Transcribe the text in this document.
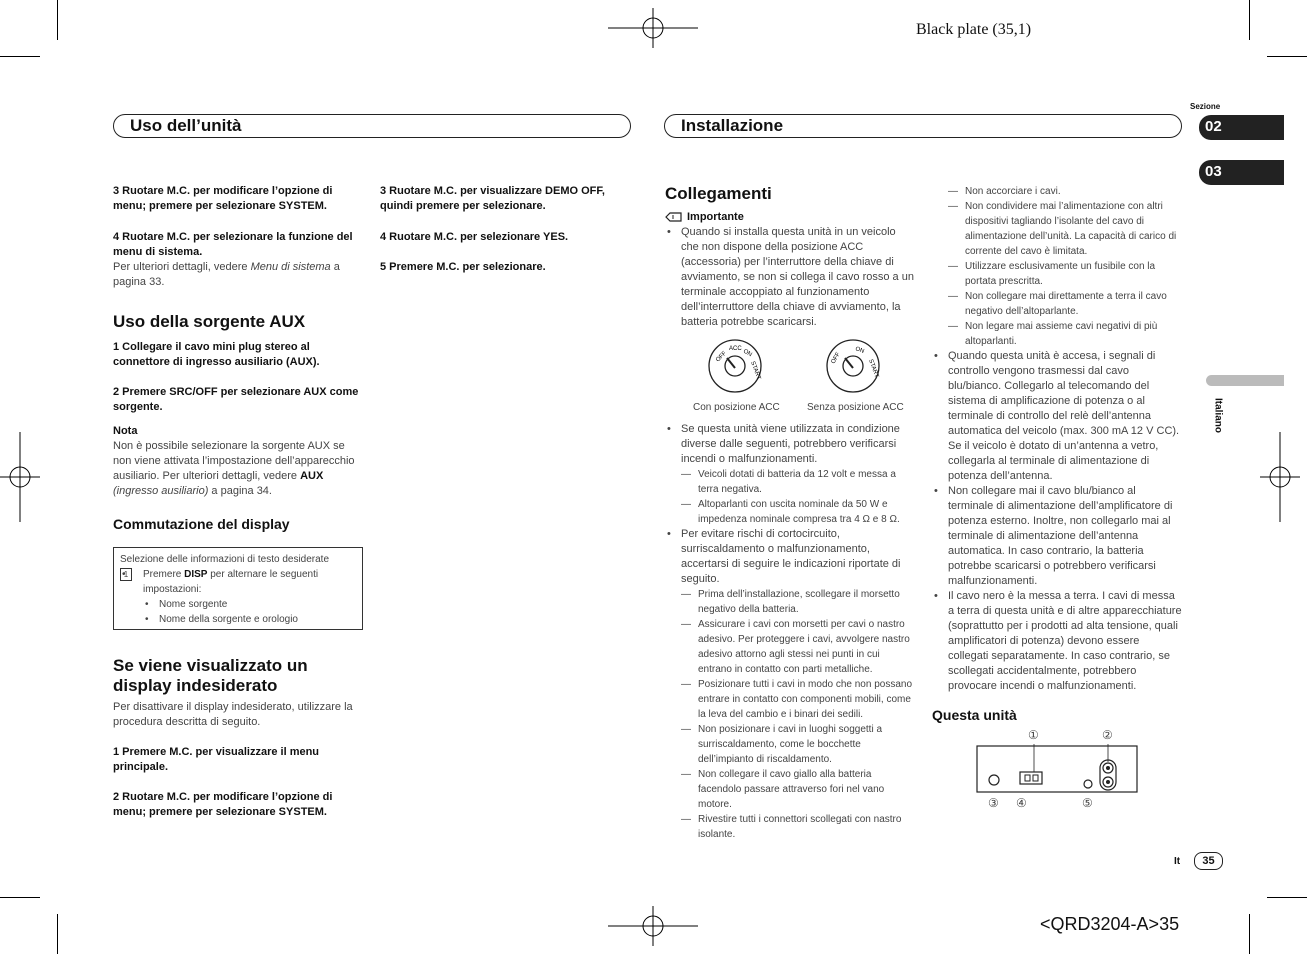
Black plate (35,1)
<QRD3204-A>35
Uso dell’unità	Installazione
Sezione
02
03
Italiano
It	35
3 Ruotare M.C. per modificare l’opzione di menu; premere per selezionare SYSTEM.
4 Ruotare M.C. per selezionare la funzione del menu di sistema.
Per ulteriori dettagli, vedere Menu di sistema a pagina 33.
Uso della sorgente AUX
1 Collegare il cavo mini plug stereo al connettore di ingresso ausiliario (AUX).
2 Premere SRC/OFF per selezionare AUX come sorgente.
Nota
Non è possibile selezionare la sorgente AUX se non viene attivata l’impostazione dell’apparecchio ausiliario. Per ulteriori dettagli, vedere AUX (ingresso ausiliario) a pagina 34.
Commutazione del display
Selezione delle informazioni di testo desiderate
• 1	Premere DISP per alternare le seguenti impostazioni:
• Nome sorgente
• Nome della sorgente e orologio
Se viene visualizzato un display indesiderato
Per disattivare il display indesiderato, utilizzare la procedura descritta di seguito.
1 Premere M.C. per visualizzare il menu principale.
2 Ruotare M.C. per modificare l’opzione di menu; premere per selezionare SYSTEM.
3 Ruotare M.C. per visualizzare DEMO OFF, quindi premere per selezionare.
4 Ruotare M.C. per selezionare YES.
5 Premere M.C. per selezionare.
Collegamenti
Importante
• Quando si installa questa unità in un veicolo che non dispone della posizione ACC (accessoria) per l’interruttore della chiave di avviamento, se non si collega il cavo rosso a un terminale accoppiato al funzionamento dell’interruttore della chiave di avviamento, la batteria potrebbe scaricarsi.
OFF
ACC ON
START
OFF
ON
START
Con posizione ACC	Senza posizione ACC
• Se questa unità viene utilizzata in condizione diverse dalle seguenti, potrebbero verificarsi incendi o malfunzionamenti.
— Veicoli dotati di batteria da 12 volt e messa a terra negativa.
— Altoparlanti con uscita nominale da 50 W e impedenza nominale compresa tra 4 Ω e 8 Ω.
• Per evitare rischi di cortocircuito, surriscaldamento o malfunzionamento, accertarsi di seguire le indicazioni riportate di seguito.
— Prima dell’installazione, scollegare il morsetto negativo della batteria.
— Assicurare i cavi con morsetti per cavi o nastro adesivo. Per proteggere i cavi, avvolgere nastro adesivo attorno agli stessi nei punti in cui entrano in contatto con parti metalliche.
— Posizionare tutti i cavi in modo che non possano entrare in contatto con componenti mobili, come la leva del cambio e i binari dei sedili.
— Non posizionare i cavi in luoghi soggetti a surriscaldamento, come le bocchette dell’impianto di riscaldamento.
— Non collegare il cavo giallo alla batteria facendolo passare attraverso fori nel vano motore.
— Rivestire tutti i connettori scollegati con nastro isolante.
— Non accorciare i cavi.
— Non condividere mai l’alimentazione con altri dispositivi tagliando l’isolante del cavo di alimentazione dell’unità. La capacità di carico di corrente del cavo è limitata.
— Utilizzare esclusivamente un fusibile con la portata prescritta.
— Non collegare mai direttamente a terra il cavo negativo dell’altoparlante.
— Non legare mai assieme cavi negativi di più altoparlanti.
• Quando questa unità è accesa, i segnali di controllo vengono trasmessi dal cavo blu/bianco. Collegarlo al telecomando del sistema di amplificazione di potenza o al terminale di controllo del relè dell’antenna automatica del veicolo (max. 300 mA 12 V CC). Se il veicolo è dotato di un’antenna a vetro, collegarla al terminale di alimentazione di potenza dell’antenna.
• Non collegare mai il cavo blu/bianco al terminale di alimentazione dell’amplificatore di potenza esterno. Inoltre, non collegarlo mai al terminale di alimentazione dell’antenna automatica. In caso contrario, la batteria potrebbe scaricarsi o potrebbero verificarsi malfunzionamenti.
• Il cavo nero è la messa a terra. I cavi di messa a terra di questa unità e di altre apparecchiature (soprattutto per i prodotti ad alta tensione, quali amplificatori di potenza) devono essere collegati separatamente. In caso contrario, se scollegati accidentalmente, potrebbero provocare incendi o malfunzionamenti.
Questa unità
①	②
③ ④	⑤
